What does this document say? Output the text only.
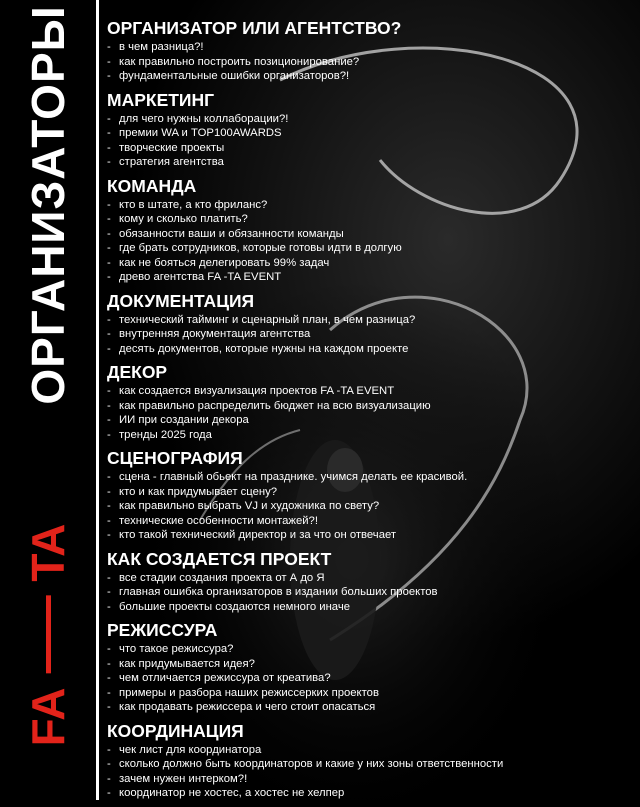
ОРГАНИЗАТОРЫ
FA
TA
ОРГАНИЗАТОР ИЛИ АГЕНТСТВО?
- в чем разница?!
- как правильно построить позиционирование?
- фундаментальные ошибки организаторов?!
МАРКЕТИНГ
- для чего нужны коллаборации?!
- премии WA и TOP100AWARDS
- творческие проекты
- стратегия агентства
КОМАНДА
- кто в штате, а кто фриланс?
- кому и сколько платить?
- обязанности ваши и обязанности команды
- где брать сотрудников, которые готовы идти в долгую
- как не бояться делегировать 99% задач
- древо агентства FA -TA EVENT
ДОКУМЕНТАЦИЯ
- технический тайминг и сценарный план, в чем разница?
- внутренняя документация агентства
- десять документов, которые нужны на каждом проекте
ДЕКОР
- как создается визуализация проектов FA -TA EVENT
- как правильно распределить бюджет на всю визуализацию
- ИИ при создании декора
- тренды 2025 года
СЦЕНОГРАФИЯ
- сцена - главный обьект на празднике. учимся делать ее красивой.
- кто и как придумывает сцену?
- как правильно выбрать VJ и художника по свету?
- технические особенности монтажей?!
- кто такой технический директор и за что он отвечает
КАК СОЗДАЕТСЯ ПРОЕКТ
- все стадии создания проекта от А до Я
- главная ошибка организаторов в издании больших проектов
- большие проекты создаются немного иначе
РЕЖИССУРА
- что такое режиссура?
- как придумывается идея?
- чем отличается режиссура от креатива?
- примеры и разбора наших режиссерких проектов
- как продавать режиссера и чего стоит опасаться
КООРДИНАЦИЯ
- чек лист для координатора
- сколько должно быть координаторов и какие у них зоны ответственности
- зачем нужен интерком?!
- координатор не хостес, а хостес не хелпер
